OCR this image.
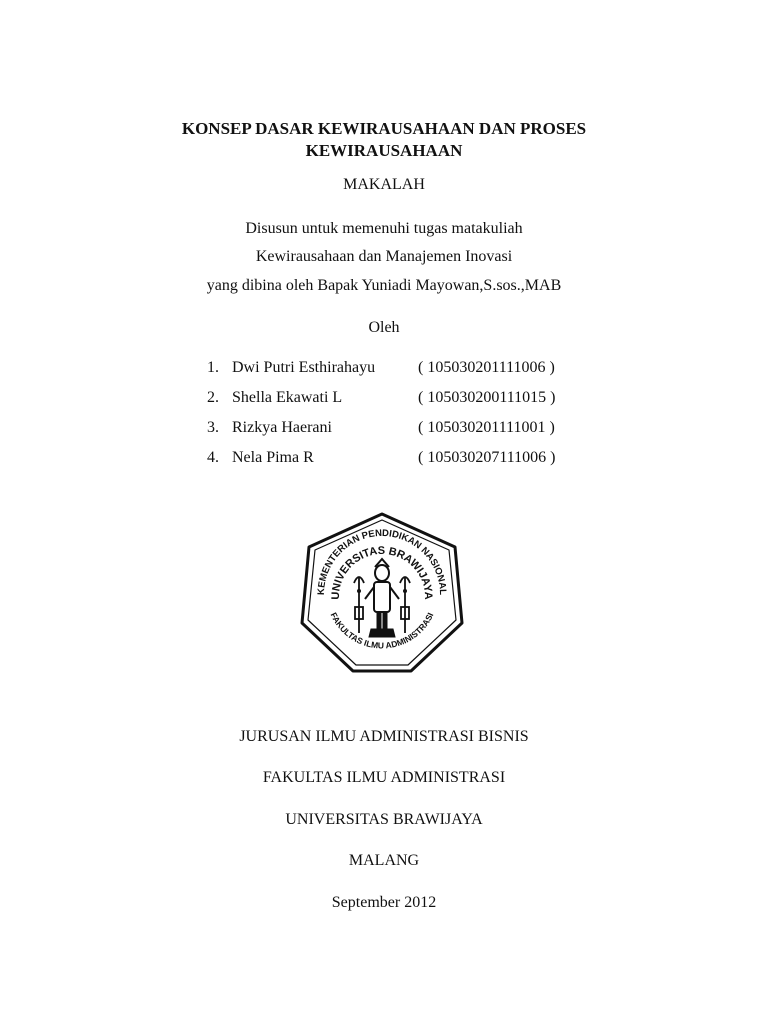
KONSEP DASAR KEWIRAUSAHAAN DAN PROSES
KEWIRAUSAHAAN
MAKALAH
Disusun untuk memenuhi tugas matakuliah
Kewirausahaan dan Manajemen Inovasi
yang dibina oleh Bapak Yuniadi Mayowan,S.sos.,MAB
Oleh
1. Dwi Putri Esthirahayu	( 105030201111006 )
2. Shella Ekawati L	( 105030200111015 )
3. Rizkya Haerani	( 105030201111001 )
4. Nela Pima R	( 105030207111006 )
KEMENTERIAN PENDIDIKAN NASIONAL
UNIVERSITAS BRAWIJAYA
FAKULTAS ILMU ADMINISTRASI
JURUSAN ILMU ADMINISTRASI BISNIS
FAKULTAS ILMU ADMINISTRASI
UNIVERSITAS BRAWIJAYA
MALANG
September 2012
